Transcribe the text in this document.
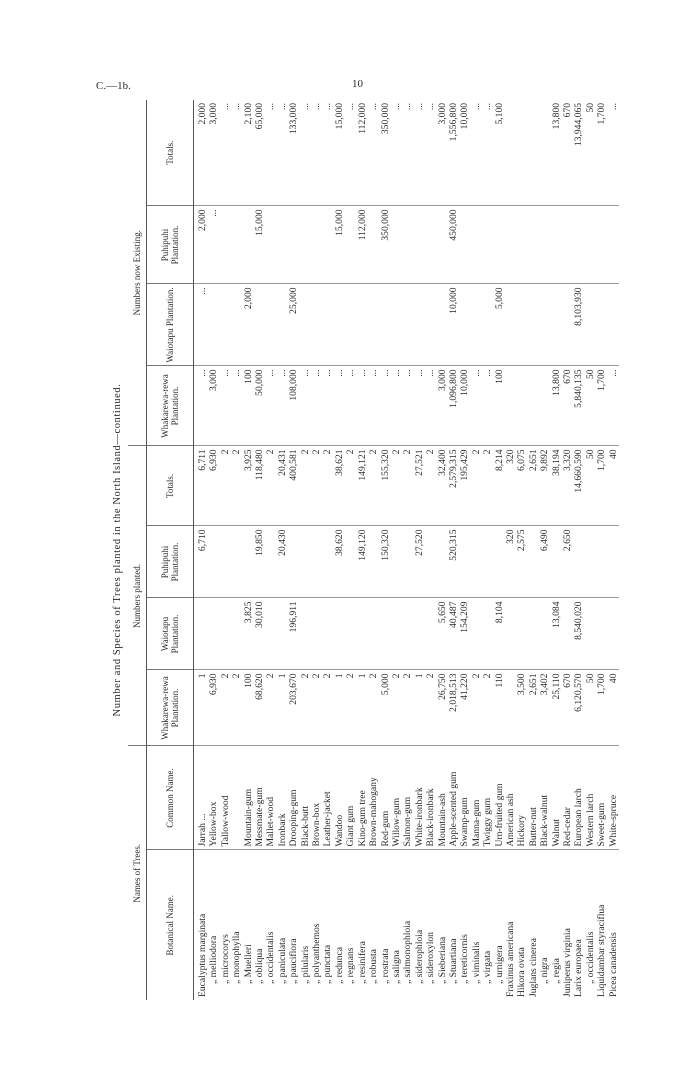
C.—1b.	10
Number and Species of Trees planted in the North Island—continued.
Names of Trees.		Numbers planted.				Numbers now Existing.			
Botanical Name.	Common Name.	Whakarewa-rewa Plantation.	Waiotapu Plantation.	Puhipuhi Plantation.	Totals.	Whakarewa-rewa Plantation.	Waiotapu Plantation.	Puhipuhi Plantation.	Totals.
Eucalyptus marginata	Jarrah ...	1		6,710	6,711	...	...	2,000	2,000
„ melliodora	Yellow-box	6,930			6,930	3,000		...	3,000
„ microcorys	Tallow-wood	2			2	...			...
„ monophylla		2			2	...			...
„ Muelleri	Mountain-gum	100	3,825		3,925	100	2,000		2,100
„ obliqua	Messmate-gum	68,620	30,010	19,850	118,480	50,000		15,000	65,000
„ occidentalis	Mallet-wood	2			2	...			...
„ paniculata	Ironbark	1		20,430	20,431	...			...
„ pauciflora	Drooping-gum	203,670	196,911		400,581	108,000	25,000		133,000
„ pilularis	Black-butt	2			2	...			...
„ polyanthemos	Brown-box	2			2	...			...
„ punctata	Leather-jacket	2			2	...			...
„ redunca	Wandoo	1		38,620	38,621	...		15,000	15,000
„ regnans	Giant gum	2			2	...			...
„ resinifera	Kino-gum tree	1		149,120	149,121	...		112,000	112,000
„ robusta	Brown-mahogany	2			2	...			...
„ rostrata	Red-gum	5,000		150,320	155,320	...		350,000	350,000
„ saligna	Willow-gum	2			2	...			...
„ salmonophloia	Salmon-gum	2			2	...			...
„ siderophloia	White-ironbark	1		27,520	27,521	...			...
„ sideroxylon	Black-ironbark	2			2	...			...
„ Sieberiana	Mountain-ash	26,750	5,650		32,400	3,000			3,000
„ Stuartiana	Apple-scented gum	2,018,513	40,487	520,315	2,579,315	1,096,800	10,000	450,000	1,556,800
„ tereticornis	Swamp-gum	41,220	154,209		195,429	10,000			10,000
„ viminalis	Manna-gum	2			2	...			...
„ virgata	Twiggy gum	2			2	...			...
„ urnigera	Urn-fruited gum	110	8,104		8,214	100	5,000		5,100
Fraxinus americana	American ash			320	320				
Hikora ovata	Hickory	3,500		2,575	6,075				
Juglans cinerea	Butter-nut	2,651			2,651				
„ nigra	Black-walnut	3,402		6,490	9,892				
„ regia	Walnut	25,110	13,084		38,194	13,800			13,800
Juniperus virginia	Red-cedar	670		2,650	3,320	670			670
Larix europaea	European larch	6,120,570	8,540,020		14,660,590	5,840,135	8,103,930		13,944,065
„ occidentalis	Western larch	50			50	50			50
Liquidambar styraciflua	Sweet-gum	1,700			1,700	1,700			1,700
Picea canadensis	White-spruce	40			40	...			...
